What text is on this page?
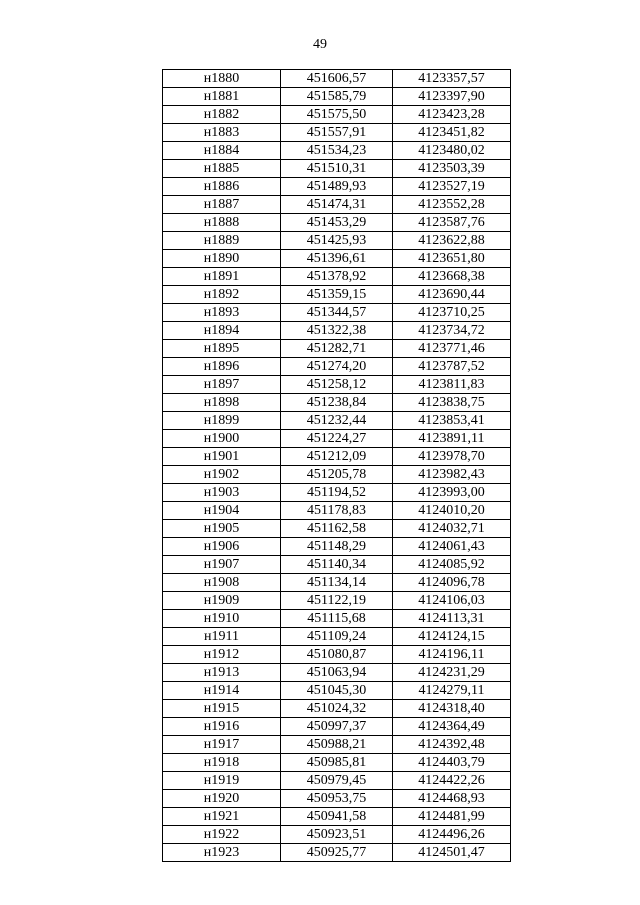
49
н1880	451606,57	4123357,57
н1881	451585,79	4123397,90
н1882	451575,50	4123423,28
н1883	451557,91	4123451,82
н1884	451534,23	4123480,02
н1885	451510,31	4123503,39
н1886	451489,93	4123527,19
н1887	451474,31	4123552,28
н1888	451453,29	4123587,76
н1889	451425,93	4123622,88
н1890	451396,61	4123651,80
н1891	451378,92	4123668,38
н1892	451359,15	4123690,44
н1893	451344,57	4123710,25
н1894	451322,38	4123734,72
н1895	451282,71	4123771,46
н1896	451274,20	4123787,52
н1897	451258,12	4123811,83
н1898	451238,84	4123838,75
н1899	451232,44	4123853,41
н1900	451224,27	4123891,11
н1901	451212,09	4123978,70
н1902	451205,78	4123982,43
н1903	451194,52	4123993,00
н1904	451178,83	4124010,20
н1905	451162,58	4124032,71
н1906	451148,29	4124061,43
н1907	451140,34	4124085,92
н1908	451134,14	4124096,78
н1909	451122,19	4124106,03
н1910	451115,68	4124113,31
н1911	451109,24	4124124,15
н1912	451080,87	4124196,11
н1913	451063,94	4124231,29
н1914	451045,30	4124279,11
н1915	451024,32	4124318,40
н1916	450997,37	4124364,49
н1917	450988,21	4124392,48
н1918	450985,81	4124403,79
н1919	450979,45	4124422,26
н1920	450953,75	4124468,93
н1921	450941,58	4124481,99
н1922	450923,51	4124496,26
н1923	450925,77	4124501,47
